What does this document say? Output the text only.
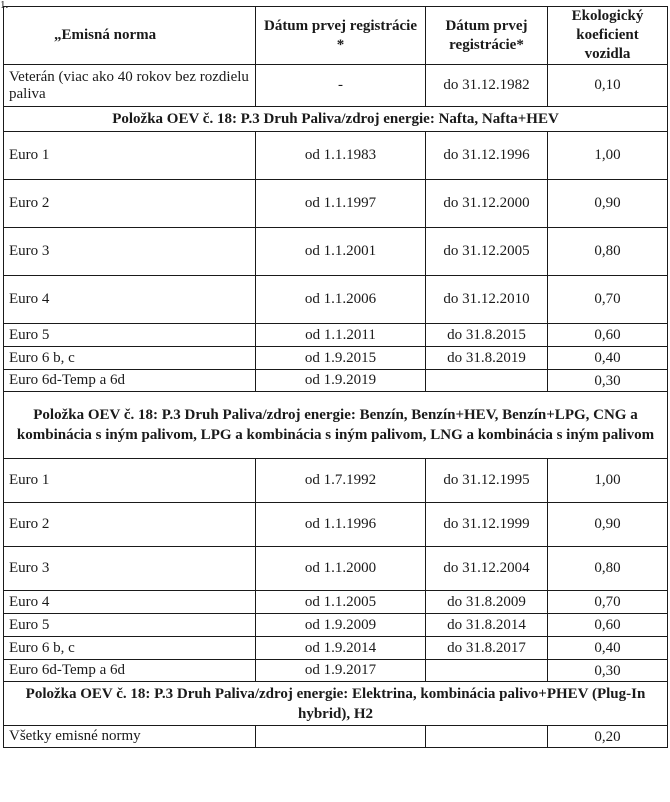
1.
„Emisná norma	Dátum prvej registrácie *	Dátum prvej registrácie*	Ekologický koeficient vozidla
Veterán (viac ako 40 rokov bez rozdielu paliva	-	do 31.12.1982	0,10
Položka OEV č. 18: P.3 Druh Paliva/zdroj energie: Nafta, Nafta+HEV			
Euro 1	od 1.1.1983	do 31.12.1996	1,00
Euro 2	od 1.1.1997	do 31.12.2000	0,90
Euro 3	od 1.1.2001	do 31.12.2005	0,80
Euro 4	od 1.1.2006	do 31.12.2010	0,70
Euro 5	od 1.1.2011	do 31.8.2015	0,60
Euro 6 b, c	od 1.9.2015	do 31.8.2019	0,40
Euro 6d-Temp a 6d	od 1.9.2019		0,30
Položka OEV č. 18: P.3 Druh Paliva/zdroj energie: Benzín, Benzín+HEV, Benzín+LPG, CNG a kombinácia s iným palivom, LPG a kombinácia s iným palivom, LNG a kombinácia s iným palivom			
Euro 1	od 1.7.1992	do 31.12.1995	1,00
Euro 2	od 1.1.1996	do 31.12.1999	0,90
Euro 3	od 1.1.2000	do 31.12.2004	0,80
Euro 4	od 1.1.2005	do 31.8.2009	0,70
Euro 5	od 1.9.2009	do 31.8.2014	0,60
Euro 6 b, c	od 1.9.2014	do 31.8.2017	0,40
Euro 6d-Temp a 6d	od 1.9.2017		0,30
Položka OEV č. 18: P.3 Druh Paliva/zdroj energie: Elektrina, kombinácia palivo+PHEV (Plug-In hybrid), H2			
Všetky emisné normy			0,20
